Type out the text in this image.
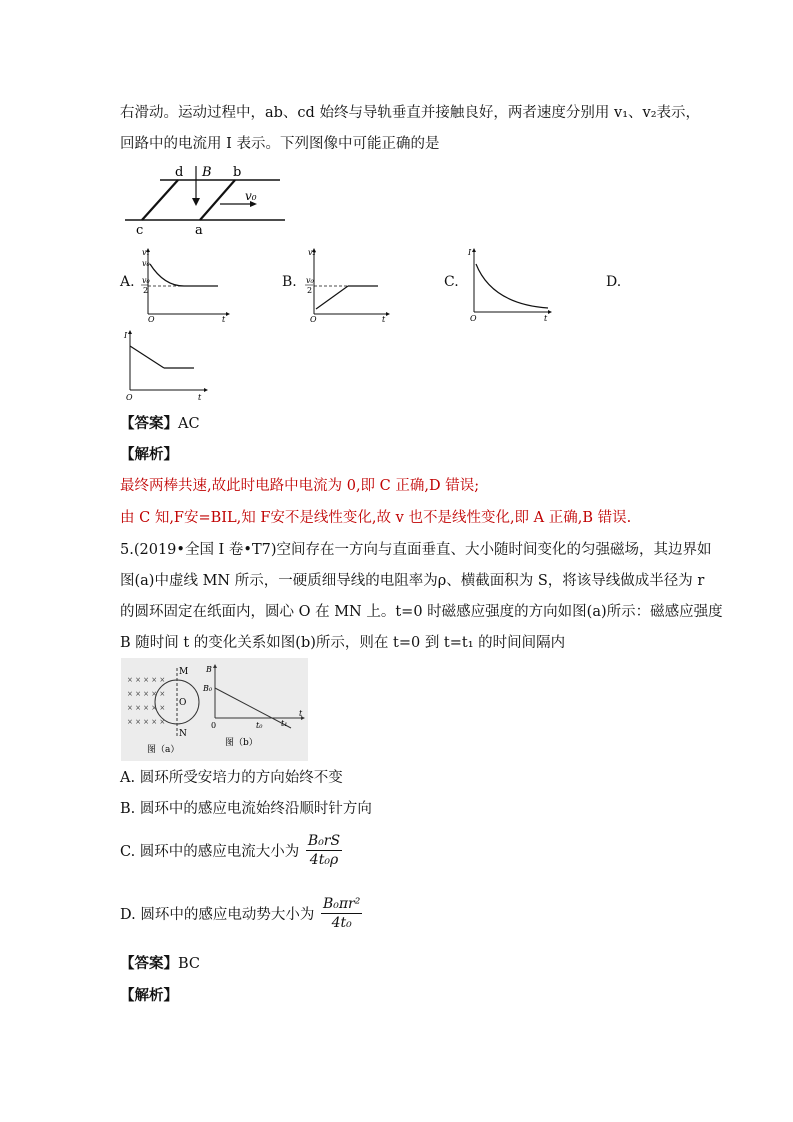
右滑动。运动过程中，ab、cd 始终与导轨垂直并接触良好，两者速度分别用 v₁、v₂表示，
回路中的电流用 I 表示。下列图像中可能正确的是
d	b
B
v₀
c	a
A.
v₁
v₀
v₀
2
O	t
B.
v₂
v₀
2
O	t
C.
I
O	t
D.
I
O	t
【答案】AC
【解析】
最终两棒共速,故此时电路中电流为 0,即 C 正确,D 错误;
由 C 知,F安=BIL,知 F安不是线性变化,故 v 也不是线性变化,即 A 正确,B 错误.
5.(2019•全国 I 卷•T7)空间存在一方向与直面垂直、大小随时间变化的匀强磁场，其边界如
图(a)中虚线 MN 所示，一硬质细导线的电阻率为ρ、横截面积为 S，将该导线做成半径为 r
的圆环固定在纸面内，圆心 O 在 MN 上。t=0 时磁感应强度的方向如图(a)所示：磁感应强度
B 随时间 t 的变化关系如图(b)所示，则在 t=0 到 t=t₁ 的时间间隔内
× × × × ×
× × × × ×
× × × × ×
× × × × ×
M
O
N
图（a）
B
B₀
0	t₀ t₁
t
图（b）
A. 圆环所受安培力的方向始终不变
B. 圆环中的感应电流始终沿顺时针方向
C. 圆环中的感应电流大小为 $\frac{\text{B₀rS}}{\text{4t₀ρ}}$
D. 圆环中的感应电动势大小为 $\frac{\text{B₀πr²}}{\text{4t₀}}$
【答案】BC
【解析】
